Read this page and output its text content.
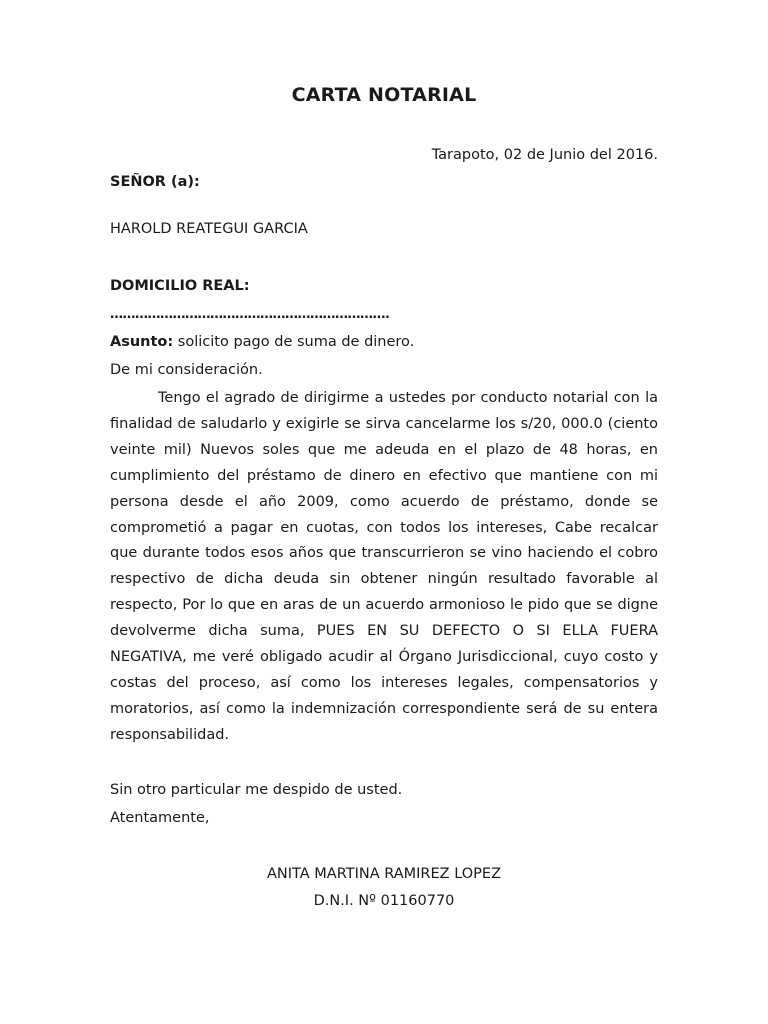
CARTA NOTARIAL
Tarapoto, 02 de Junio del 2016.
SEÑOR (a):
HAROLD REATEGUI GARCIA
DOMICILIO REAL:
………………………………………………………….
Asunto: solicito pago de suma de dinero.
De mi consideración.
Tengo el agrado de dirigirme a ustedes por conducto notarial con la finalidad de saludarlo y exigirle se sirva cancelarme los s/20, 000.0 (ciento veinte mil) Nuevos soles que me adeuda en el plazo de 48 horas, en cumplimiento del préstamo de dinero en efectivo que mantiene con mi persona desde el año 2009, como acuerdo de préstamo, donde se comprometió a pagar en cuotas, con todos los intereses, Cabe recalcar que durante todos esos años que transcurrieron se vino haciendo el cobro respectivo de dicha deuda sin obtener ningún resultado favorable al respecto, Por lo que en aras de un acuerdo armonioso le pido que se digne devolverme dicha suma, PUES EN SU DEFECTO O SI ELLA FUERA NEGATIVA, me veré obligado acudir al Órgano Jurisdiccional, cuyo costo y costas del proceso, así como los intereses legales, compensatorios y moratorios, así como la indemnización correspondiente será de su entera responsabilidad.
Sin otro particular me despido de usted.
Atentamente,
ANITA MARTINA RAMIREZ LOPEZ
D.N.I. Nº 01160770
